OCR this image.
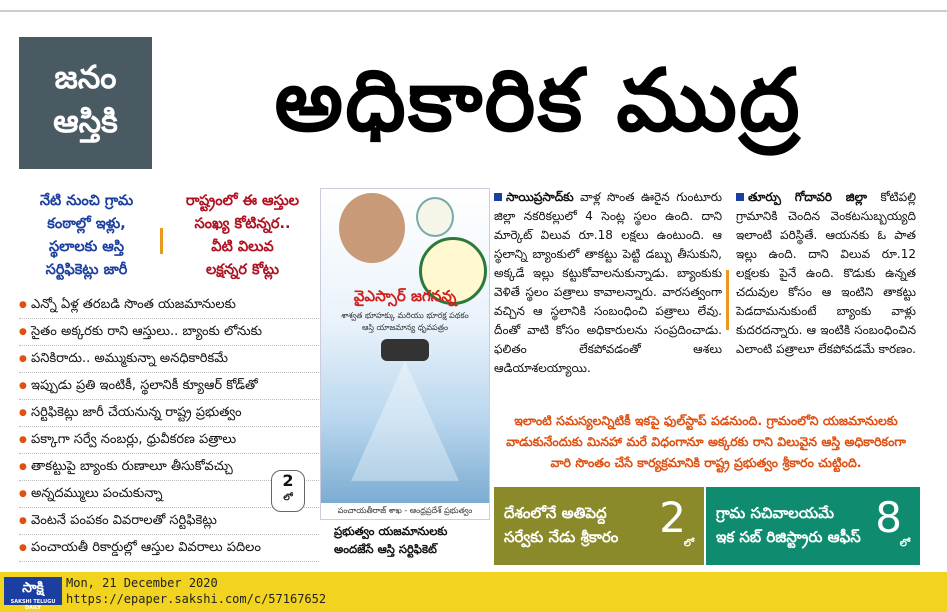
జనం
ఆస్తికి	అధికారిక ముద్ర
నేటి నుంచి గ్రామ
కంఠాల్లో ఇళ్లు,
స్థలాలకు ఆస్తి
సర్టిఫికెట్లు జారీ
రాష్ట్రంలో ఈ ఆస్తుల
సంఖ్య కోటిన్నర..
వీటి విలువ
లక్షన్నర కోట్లు
● ఎన్నో ఏళ్ల తరబడి సొంత యజమానులకు
● సైతం అక్కరకు రాని ఆస్తులు.. బ్యాంకు లోనుకు
● పనికిరాదు.. అమ్ముకున్నా అనధికారికమే
● ఇప్పుడు ప్రతి ఇంటికీ, స్థలానికీ క్యూఆర్ కోడ్‌తో
● సర్టిఫికెట్లు జారీ చేయనున్న రాష్ట్ర ప్రభుత్వం
● పక్కాగా సర్వే నంబర్లు, ధ్రువీకరణ పత్రాలు
● తాకట్టుపై బ్యాంకు రుణాలూ తీసుకోవచ్చు
● అన్నదమ్ములు పంచుకున్నా
● వెంటనే పంపకం వివరాలతో సర్టిఫికెట్లు
● పంచాయతీ రికార్డుల్లో ఆస్తుల వివరాలు పదిలం
2
లో
వైఎస్సార్ జగనన్న
శాశ్వత భూహక్కు మరియు భూరక్ష పథకం
ఆస్తి యాజమాన్య ధృవపత్రం
పంచాయతీరాజ్ శాఖ - ఆంధ్రప్రదేశ్ ప్రభుత్వం
ప్రభుత్వం యజమానులకు
అందజేసే ఆస్తి సర్టిఫికెట్
సాయిప్రసాద్‌కు వాళ్ల సొంత ఊరైన గుంటూరు జిల్లా నకరికల్లులో 4 సెంట్ల స్థలం ఉంది. దాని మార్కెట్ విలువ రూ.18 లక్షలు ఉంటుంది. ఆ స్థలాన్ని బ్యాంకులో తాకట్టు పెట్టి డబ్బు తీసుకుని, అక్కడే ఇల్లు కట్టుకోవాలనుకున్నాడు. బ్యాంకుకు వెళితే స్థలం పత్రాలు కావాలన్నారు. వారసత్వంగా వచ్చిన ఆ స్థలానికి సంబంధించి పత్రాలు లేవు. దీంతో వాటి కోసం అధికారులను సంప్రదించాడు. ఫలితం లేకపోవడంతో ఆశలు ఆడియాశలయ్యాయి.
తూర్పు గోదావరి జిల్లా కోటిపల్లి గ్రామానికి చెందిన వెంకటసుబ్బయ్యది ఇలాంటి పరిస్థితే. ఆయనకు ఓ పాత ఇల్లు ఉంది. దాని విలువ రూ.12 లక్షలకు పైనే ఉంది. కొడుకు ఉన్నత చదువుల కోసం ఆ ఇంటిని తాకట్టు పెడదామనుకుంటే బ్యాంకు వాళ్లు కుదరదన్నారు. ఆ ఇంటికి సంబంధించిన ఎలాంటి పత్రాలూ లేకపోవడమే కారణం.
ఇలాంటి సమస్యలన్నిటికీ ఇకపై ఫుల్‌స్టాప్ పడనుంది. గ్రామంలోని యజమానులకు వాడుకునేందుకు మినహా మరే విధంగానూ అక్కరకు రాని విలువైన ఆస్తి అధికారికంగా వారి సొంతం చేసే కార్యక్రమానికి రాష్ట్ర ప్రభుత్వం శ్రీకారం చుట్టింది.
దేశంలోనే అతిపెద్ద
సర్వేకు నేడు శ్రీకారం 2
లో
గ్రామ సచివాలయమే
ఇక సబ్ రిజిస్ట్రారు ఆఫీస్ 8
లో
సాక్షి
SAKSHI TELUGU DAILY
Mon, 21 December 2020
https://epaper.sakshi.com/c/57167652
